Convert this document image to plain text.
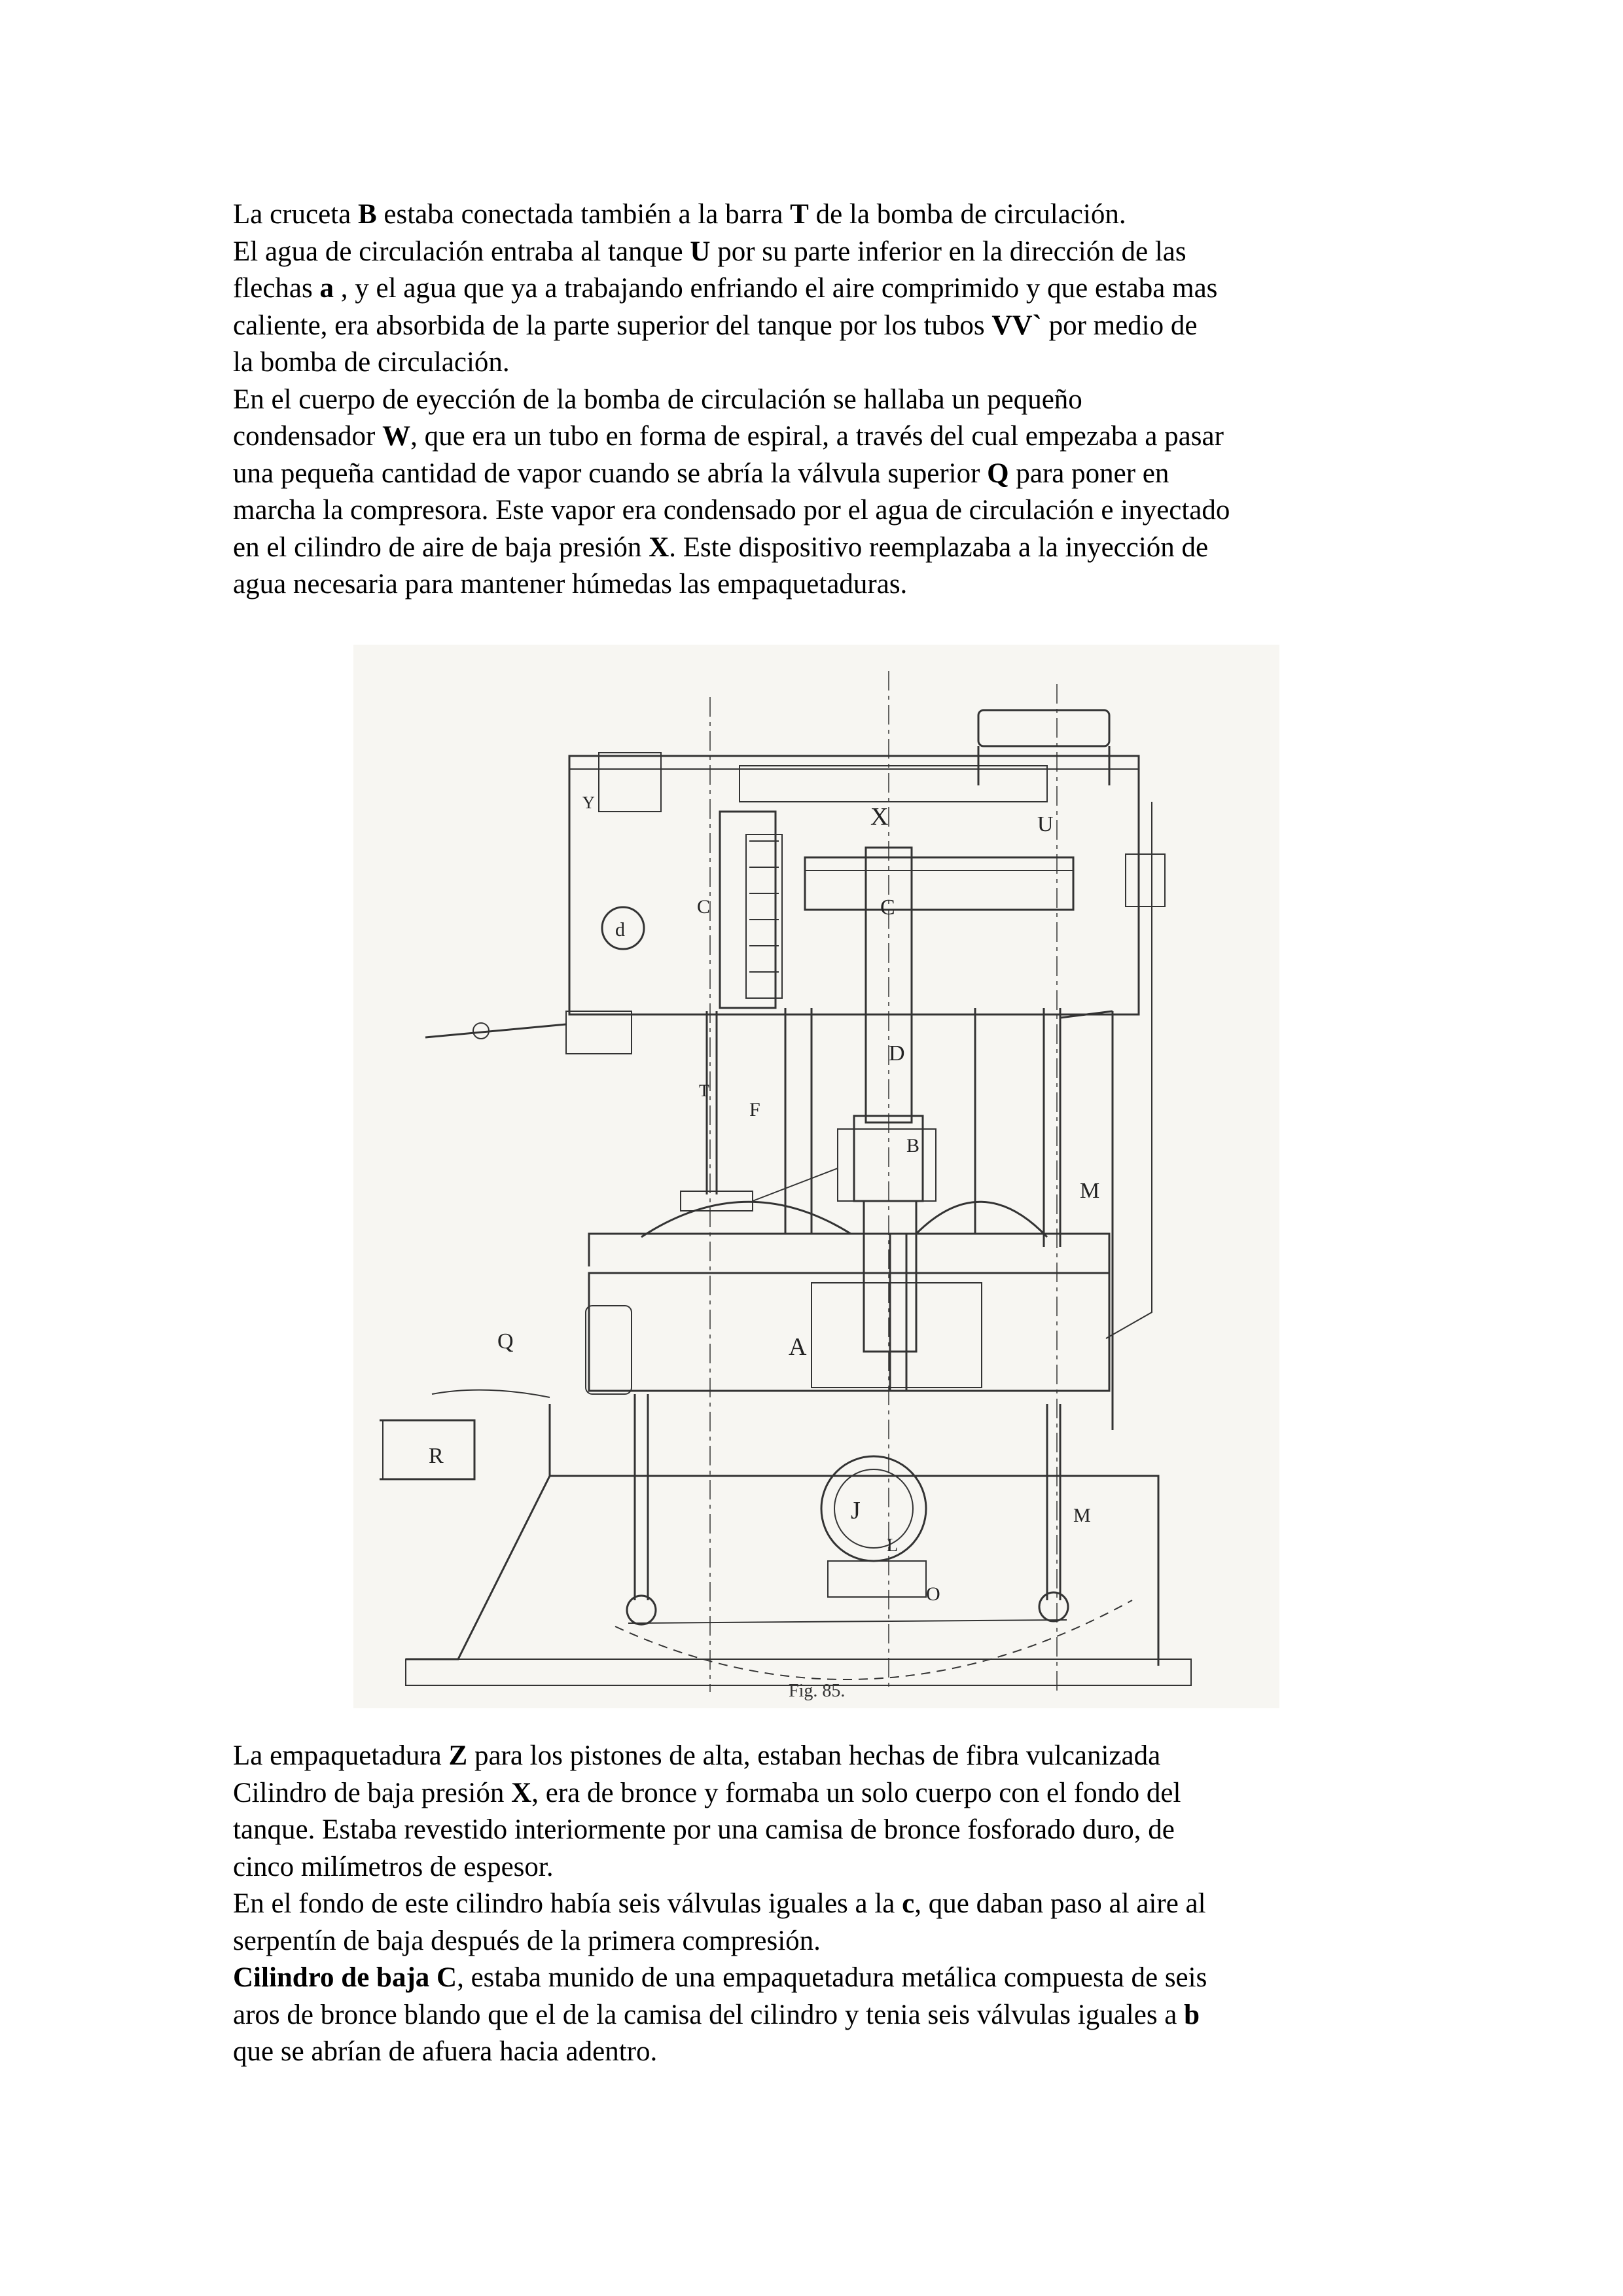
La cruceta B estaba conectada también a la barra T de la bomba de circulación.
El agua de circulación entraba al tanque U por su parte inferior en la dirección de las
flechas a , y el agua que ya a trabajando enfriando el aire comprimido y que estaba mas
caliente, era absorbida de la parte superior del tanque por los tubos VV` por medio de
la bomba de circulación.
En el cuerpo de eyección de la bomba de circulación se hallaba un pequeño
condensador W, que era un tubo en forma de espiral, a través del cual empezaba a pasar
una pequeña cantidad de vapor cuando se abría la válvula superior Q para poner en
marcha la compresora. Este vapor era condensado por el agua de circulación e inyectado
en el cilindro de aire de baja presión X. Este dispositivo reemplazaba a la inyección de
agua necesaria para mantener húmedas las empaquetaduras.
X	U
C
C
Y
d
D
F
T
B
M
Q	A
R
J
L
O
M
Fig. 85.
La empaquetadura Z para los pistones de alta, estaban hechas de fibra vulcanizada
Cilindro de baja presión X, era de bronce y formaba un solo cuerpo con el fondo del
tanque. Estaba revestido interiormente por una camisa de bronce fosforado duro, de
cinco milímetros de espesor.
En el fondo de este cilindro había seis válvulas iguales a la c, que daban paso al aire al
serpentín de baja después de la primera compresión.
Cilindro de baja C, estaba munido de una empaquetadura metálica compuesta de seis
aros de bronce blando que el de la camisa del cilindro y tenia seis válvulas iguales a b
que se abrían de afuera hacia adentro.
